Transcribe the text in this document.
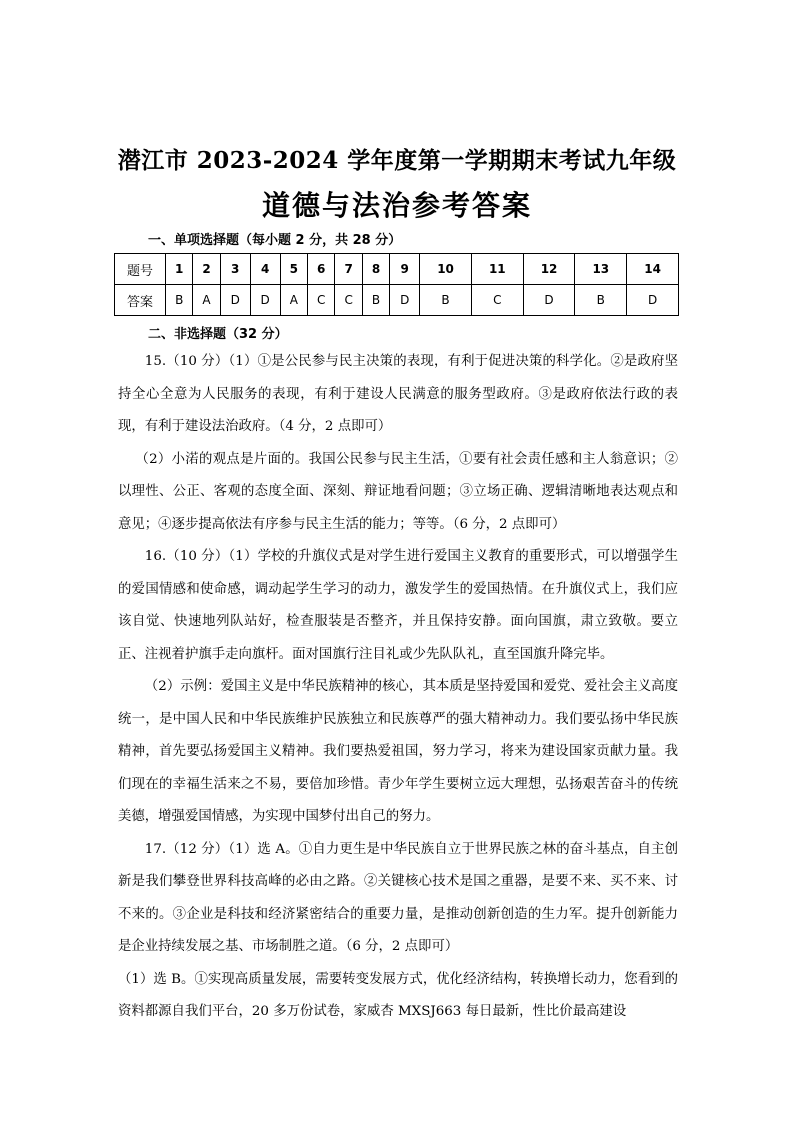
潜江市 2023-2024 学年度第一学期期末考试九年级
道德与法治参考答案
一、单项选择题（每小题 2 分，共 28 分）
题号	1	2	3	4	5	6	7	8	9	10	11	12	13	14
答案	B	A	D	D	A	C	C	B	D	B	C	D	B	D
二、非选择题（32 分）

15.（10 分）（1）①是公民参与民主决策的表现，有利于促进决策的科学化。②是政府坚持全心全意为人民服务的表现，有利于建设人民满意的服务型政府。③是政府依法行政的表现，有利于建设法治政府。（4 分，2 点即可）

（2）小渃的观点是片面的。我国公民参与民主生活，①要有社会责任感和主人翁意识；②以理性、公正、客观的态度全面、深刻、辩证地看问题；③立场正确、逻辑清晰地表达观点和意见；④逐步提高依法有序参与民主生活的能力；等等。（6 分，2 点即可）

16.（10 分）（1）学校的升旗仪式是对学生进行爱国主义教育的重要形式，可以增强学生的爱国情感和使命感，调动起学生学习的动力，激发学生的爱国热情。在升旗仪式上，我们应该自觉、快速地列队站好，检查服装是否整齐，并且保持安静。面向国旗，肃立致敬。要立正、注视着护旗手走向旗杆。面对国旗行注目礼或少先队队礼，直至国旗升降完毕。

（2）示例：爱国主义是中华民族精神的核心，其本质是坚持爱国和爱党、爱社会主义高度统一，是中国人民和中华民族维护民族独立和民族尊严的强大精神动力。我们要弘扬中华民族精神，首先要弘扬爱国主义精神。我们要热爱祖国，努力学习，将来为建设国家贡献力量。我们现在的幸福生活来之不易，要倍加珍惜。青少年学生要树立远大理想，弘扬艰苦奋斗的传统美德，增强爱国情感，为实现中国梦付出自己的努力。

17.（12 分）（1）选 A。①自力更生是中华民族自立于世界民族之林的奋斗基点，自主创新是我们攀登世界科技高峰的必由之路。②关键核心技术是国之重器，是要不来、买不来、讨不来的。③企业是科技和经济紧密结合的重要力量，是推动创新创造的生力军。提升创新能力是企业持续发展之基、市场制胜之道。（6 分，2 点即可）

（1）选 B。①实现高质量发展，需要转变发展方式，优化经济结构，转换增长动力，您看到的资料都源自我们平台，20 多万份试卷，家威杏 MXSJ663 每日最新，性比价最高建设
